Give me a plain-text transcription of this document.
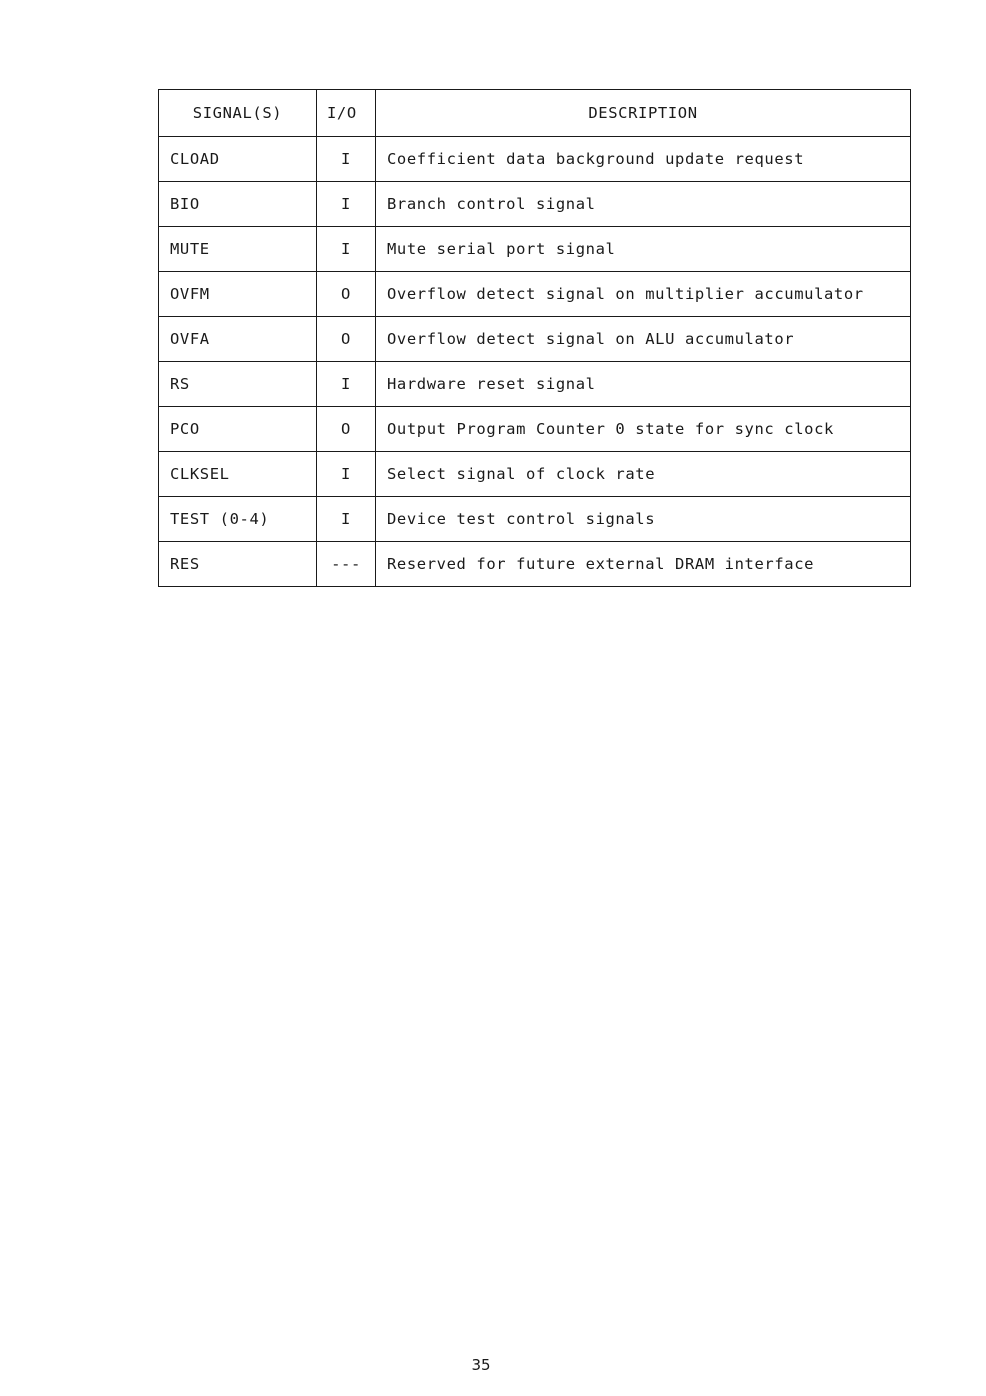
SIGNAL(S)	I/O	DESCRIPTION
CLOAD	I	Coefficient data background update request
BIO	I	Branch control signal
MUTE	I	Mute serial port signal
OVFM	O	Overflow detect signal on multiplier accumulator
OVFA	O	Overflow detect signal on ALU accumulator
RS	I	Hardware reset signal
PCO	O	Output Program Counter 0 state for sync clock
CLKSEL	I	Select signal of clock rate
TEST (0-4)	I	Device test control signals
RES	---	Reserved for future external DRAM interface
35
